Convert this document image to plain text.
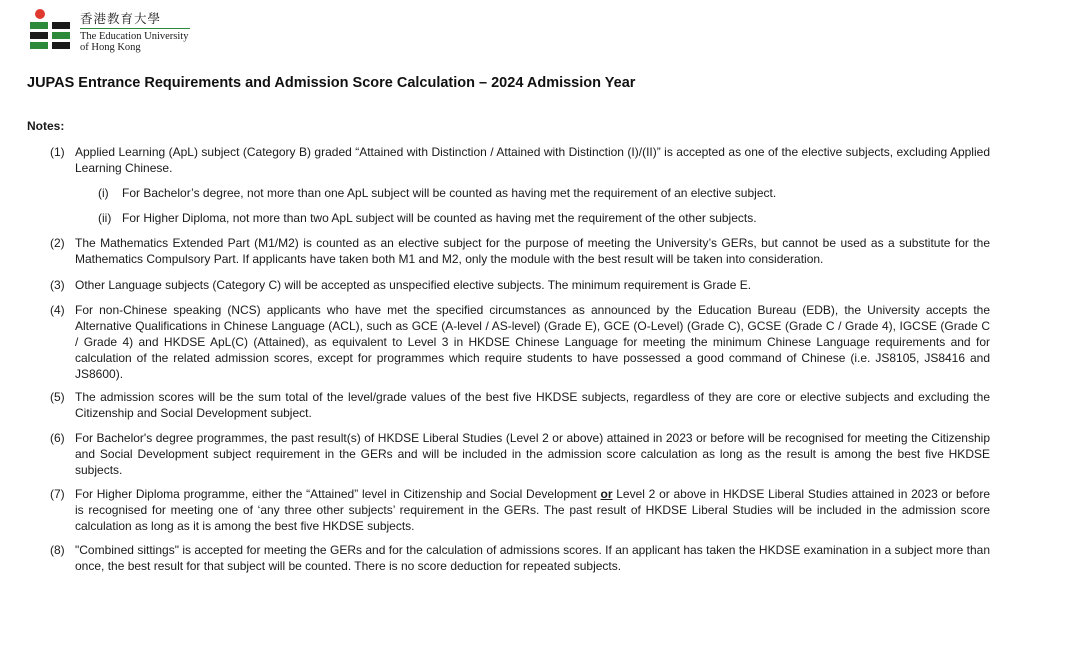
香港教育大學
The Education University
of Hong Kong
JUPAS Entrance Requirements and Admission Score Calculation – 2024 Admission Year
Notes:
(1) Applied Learning (ApL) subject (Category B) graded “Attained with Distinction / Attained with Distinction (I)/(II)” is accepted as one of the elective subjects, excluding Applied Learning Chinese.
(i) For Bachelor’s degree, not more than one ApL subject will be counted as having met the requirement of an elective subject.
(ii) For Higher Diploma, not more than two ApL subject will be counted as having met the requirement of the other subjects.
(2) The Mathematics Extended Part (M1/M2) is counted as an elective subject for the purpose of meeting the University’s GERs, but cannot be used as a substitute for the Mathematics Compulsory Part. If applicants have taken both M1 and M2, only the module with the best result will be taken into consideration.
(3) Other Language subjects (Category C) will be accepted as unspecified elective subjects. The minimum requirement is Grade E.
(4) For non-Chinese speaking (NCS) applicants who have met the specified circumstances as announced by the Education Bureau (EDB), the University accepts the Alternative Qualifications in Chinese Language (ACL), such as GCE (A-level / AS-level) (Grade E), GCE (O-Level) (Grade C), GCSE (Grade C / Grade 4), IGCSE (Grade C / Grade 4) and HKDSE ApL(C) (Attained), as equivalent to Level 3 in HKDSE Chinese Language for meeting the minimum Chinese Language requirements and for calculation of the related admission scores, except for programmes which require students to have possessed a good command of Chinese (i.e. JS8105, JS8416 and JS8600).
(5) The admission scores will be the sum total of the level/grade values of the best five HKDSE subjects, regardless of they are core or elective subjects and excluding the Citizenship and Social Development subject.
(6) For Bachelor's degree programmes, the past result(s) of HKDSE Liberal Studies (Level 2 or above) attained in 2023 or before will be recognised for meeting the Citizenship and Social Development subject requirement in the GERs and will be included in the admission score calculation as long as the result is among the best five HKDSE subjects.
(7) For Higher Diploma programme, either the “Attained” level in Citizenship and Social Development or Level 2 or above in HKDSE Liberal Studies attained in 2023 or before is recognised for meeting one of ‘any three other subjects’ requirement in the GERs. The past result of HKDSE Liberal Studies will be included in the admission score calculation as long as it is among the best five HKDSE subjects.
(8) "Combined sittings" is accepted for meeting the GERs and for the calculation of admissions scores. If an applicant has taken the HKDSE examination in a subject more than once, the best result for that subject will be counted. There is no score deduction for repeated subjects.
